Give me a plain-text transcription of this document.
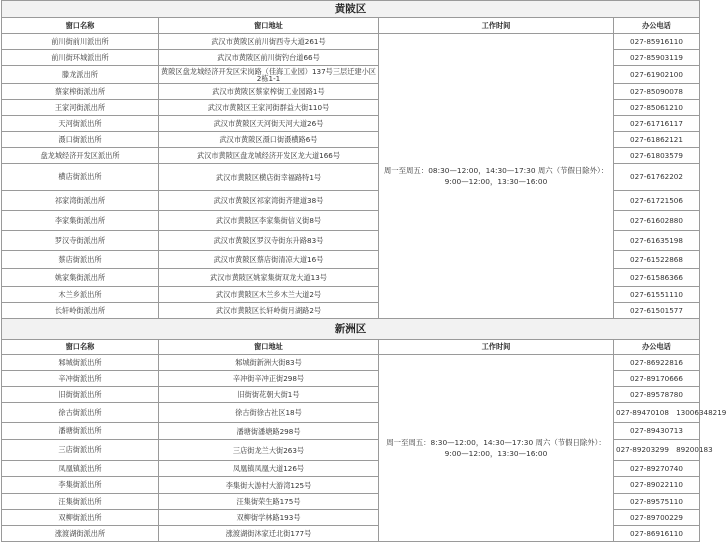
黄陂区			
窗口名称	窗口地址	工作时间	办公电话
前川街前川派出所	武汉市黄陂区前川街西寺大道261号	周一至周五：08:30—12:00，14:30—17:30 周六（节假日除外）：9:00—12:00，13:30—16:00	027-85916110
前川街环城派出所	武汉市黄陂区前川街钓台道66号		027-85903119
滕龙派出所	黄陂区盘龙城经济开发区宋岗路（佳海工业园）137号三层迁建小区2栋1-1		027-61902100
蔡家榨街派出所	武汉市黄陂区蔡家榨街工业园路1号		027-85090078
王家河街派出所	武汉市黄陂区王家河街群益大街110号		027-85061210
天河街派出所	武汉市黄陂区天河街天河大道26号		027-61716117
滠口街派出所	武汉市黄陂区滠口街滠横路6号		027-61862121
盘龙城经济开发区派出所	武汉市黄陂区盘龙城经济开发区龙大道166号		027-61803579
横店街派出所	武汉市黄陂区横店街幸福路特1号		027-61762202
祁家湾街派出所	武汉市黄陂区祁家湾街齐建道38号		027-61721506
李家集街派出所	武汉市黄陂区李家集街信义街8号		027-61602880
罗汉寺街派出所	武汉市黄陂区罗汉寺街东升路83号		027-61635198
蔡店街派出所	武汉市黄陂区蔡店街清凉大道16号		027-61522868
姚家集街派出所	武汉市黄陂区姚家集街双龙大道13号		027-61586366
木兰乡派出所	武汉市黄陂区木兰乡木兰大道2号		027-61551110
长轩岭街派出所	武汉市黄陂区长轩岭街月湖路2号		027-61501577
新洲区			
窗口名称	窗口地址	工作时间	办公电话
邾城街派出所	邾城街新洲大街83号	周一至周五：8:30—12:00，14:30—17:30 周六（节假日除外）：9:00—12:00，13:30—16:00	027-86922816
辛冲街派出所	辛冲街辛冲正街298号		027-89170666
旧街街派出所	旧街街花朝大街1号		027-89578780
徐古街派出所	徐古街徐古社区18号		027-89470108　13006348219
潘塘街派出所	潘塘街潘塘路298号		027-89430713
三店街派出所	三店街龙兰大街263号		027-89203299　89200183
凤凰镇派出所	凤凰镇凤凰大道126号		027-89270740
李集街派出所	李集街大游村大游湾125号		027-89022110
汪集街派出所	汪集街荣生路175号		027-89575110
双柳街派出所	双柳街学林路193号		027-89700229
涨渡湖街派出所	涨渡湖街沐家迁北街177号		027-86916110
